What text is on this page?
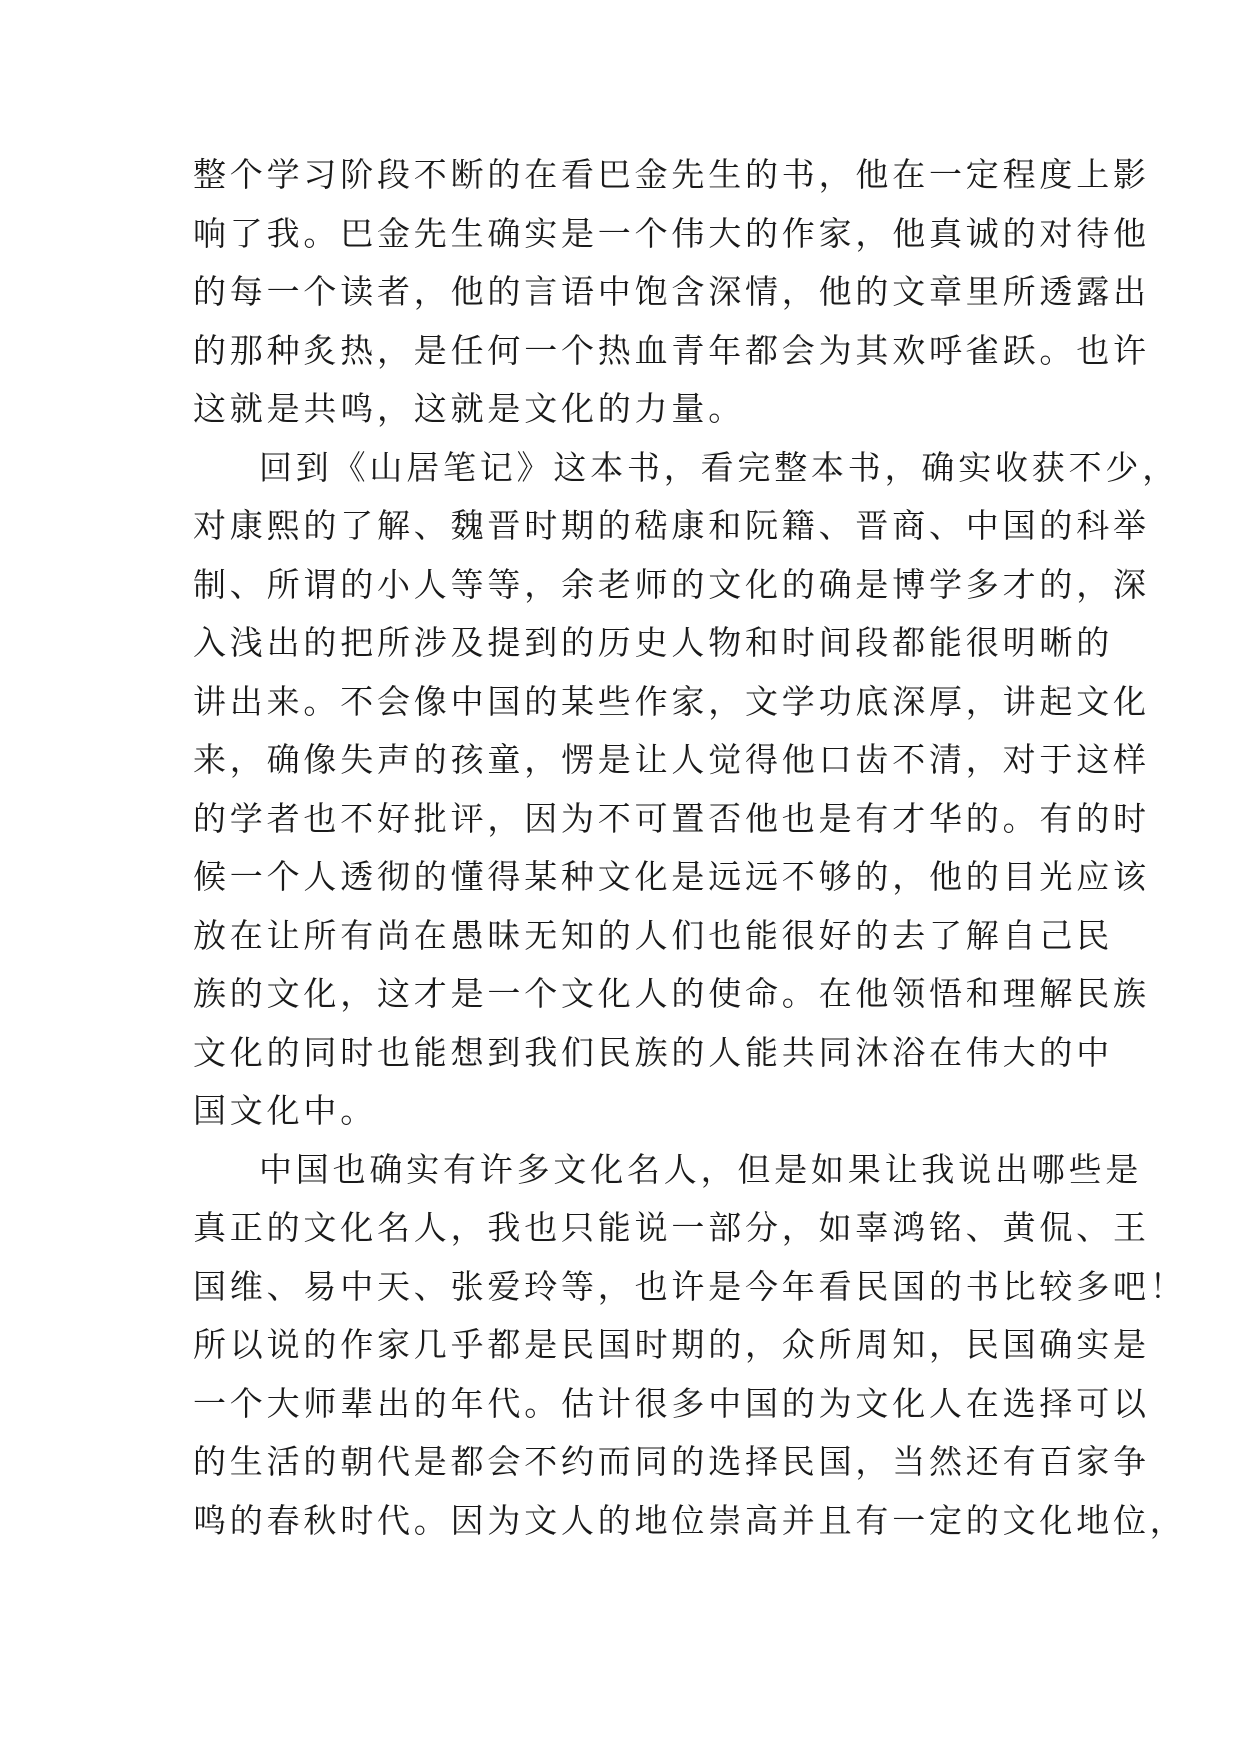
整个学习阶段不断的在看巴金先生的书，他在一定程度上影
响了我。巴金先生确实是一个伟大的作家，他真诚的对待他
的每一个读者，他的言语中饱含深情，他的文章里所透露出
的那种炙热，是任何一个热血青年都会为其欢呼雀跃。也许
这就是共鸣，这就是文化的力量。
回到《山居笔记》这本书，看完整本书，确实收获不少，
对康熙的了解、魏晋时期的嵇康和阮籍、晋商、中国的科举
制、所谓的小人等等，余老师的文化的确是博学多才的，深
入浅出的把所涉及提到的历史人物和时间段都能很明晰的
讲出来。不会像中国的某些作家，文学功底深厚，讲起文化
来，确像失声的孩童，愣是让人觉得他口齿不清，对于这样
的学者也不好批评，因为不可置否他也是有才华的。有的时
候一个人透彻的懂得某种文化是远远不够的，他的目光应该
放在让所有尚在愚昧无知的人们也能很好的去了解自己民
族的文化，这才是一个文化人的使命。在他领悟和理解民族
文化的同时也能想到我们民族的人能共同沐浴在伟大的中
国文化中。
中国也确实有许多文化名人，但是如果让我说出哪些是
真正的文化名人，我也只能说一部分，如辜鸿铭、黄侃、王
国维、易中天、张爱玲等，也许是今年看民国的书比较多吧！
所以说的作家几乎都是民国时期的，众所周知，民国确实是
一个大师辈出的年代。估计很多中国的为文化人在选择可以
的生活的朝代是都会不约而同的选择民国，当然还有百家争
鸣的春秋时代。因为文人的地位崇高并且有一定的文化地位，
